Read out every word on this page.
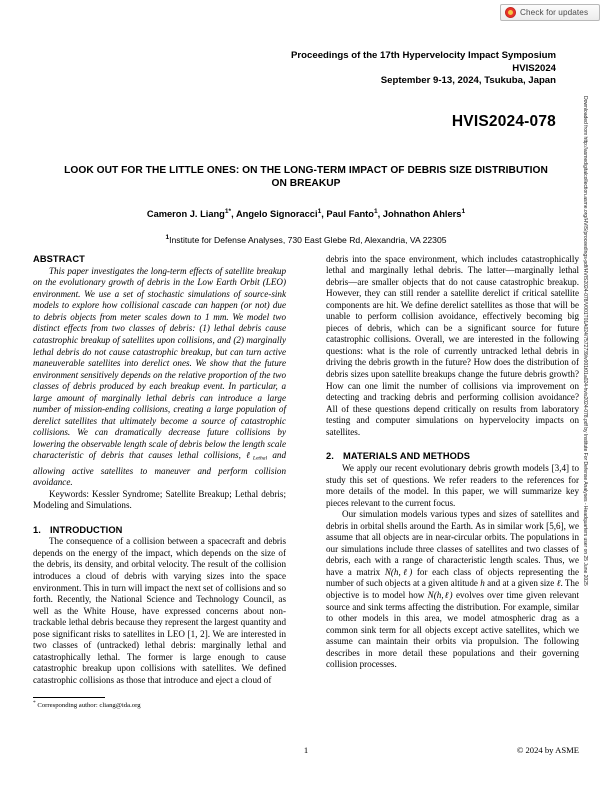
Check for updates
Proceedings of the 17th Hypervelocity Impact Symposium
HVIS2024
September 9-13, 2024, Tsukuba, Japan
HVIS2024-078
LOOK OUT FOR THE LITTLE ONES: ON THE LONG-TERM IMPACT OF DEBRIS SIZE DISTRIBUTION ON BREAKUP
Cameron J. Liang$^{1*}$, Angelo Signoracci$^1$, Paul Fanto$^1$, Johnathon Ahlers$^1$
$^1$Institute for Defense Analyses, 730 East Glebe Rd, Alexandria, VA 22305
ABSTRACT

This paper investigates the long-term effects of satellite breakup on the evolutionary growth of debris in the Low Earth Orbit (LEO) environment. We use a set of stochastic simulations of source-sink models to explore how collisional cascade can happen (or not) due to debris objects from meter scales down to 1 mm. We model two distinct effects from two classes of debris: (1) lethal debris cause catastrophic breakup of satellites upon collisions, and (2) marginally lethal debris do not cause catastrophic breakup, but can turn active maneuverable satellites into derelict ones. We show that the future environment sensitively depends on the relative proportion of the two classes of debris produced by each breakup event. In particular, a large amount of marginally lethal debris can introduce a large number of mission-ending collisions, creating a large population of derelict satellites that ultimately become a source of catastrophic collisions. We can dramatically decrease future collisions by lowering the observable length scale of debris below the length scale characteristic of debris that causes lethal collisions, ℓ$_{Lethal}$ and allowing active satellites to maneuver and perform collision avoidance.

Keywords: Kessler Syndrome; Satellite Breakup; Lethal debris; Modeling and Simulations.

1. INTRODUCTION

The consequence of a collision between a spacecraft and debris depends on the energy of the impact, which depends on the size of the debris, its density, and orbital velocity. The result of the collision introduces a cloud of debris with varying sizes into the space environment. This in turn will impact the next set of collisions and so forth. Recently, the National Science and Technology Council, as well as the White House, have expressed concerns about non-trackable lethal debris because they represent the largest quantity and pose significant risks to satellites in LEO [1, 2]. We are interested in two classes of (untracked) lethal debris: marginally lethal and catastrophically lethal. The former is large enough to cause catastrophic breakup upon collisions with satellites. We defined catastrophic collisions as those that introduce and eject a cloud of

debris into the space environment, which includes catastrophically lethal and marginally lethal debris. The latter—marginally lethal debris—are smaller objects that do not cause catastrophic breakup. However, they can still render a satellite derelict if critical satellite components are hit. We define derelict satellites as those that will be unable to perform collision avoidance, effectively becoming big pieces of debris, which can be a significant source for future catastrophic collisions. Overall, we are interested in the following questions: what is the role of currently untracked lethal debris in driving the debris growth in the future? How does the distribution of debris sizes upon satellite breakups change the future debris growth? How can one limit the number of collisions via improvement on detecting and tracking debris and performing collision avoidance? All of these questions depend critically on results from laboratory testing and computer simulations on hypervelocity impacts on satellites.

2. MATERIALS AND METHODS

We apply our recent evolutionary debris growth models [3,4] to study this set of questions. We refer readers to the references for more details of the model. In this paper, we will summarize key pieces relevant to the current focus.

Our simulation models various types and sizes of satellites and debris in orbital shells around the Earth. As in similar work [5,6], we assume that all objects are in near-circular orbits. The populations in our simulations include three classes of satellites and two classes of debris, each with a range of characteristic length scales. Thus, we have a matrix N(h,ℓ) for each class of objects representing the number of such objects at a given altitude h and at a given size ℓ. The objective is to model how N(h,ℓ) evolves over time given relevant source and sink terms affecting the distribution. For example, similar to other models in this area, we model atmospheric drag as a common sink term for all objects except active satellites, which we assume can maintain their orbits via propulsion. The following describes in more detail these populations and their governing collision processes.

* Corresponding author: cliang@ida.org
1	© 2024 by ASME
Downloaded from http://asmedigitalcollection.asme.org/HVIS/proceedings-pdf/HVIS2024-078/V001T01A024/7572739/v001t01a024-hvis2024-078.pdf by Institute For Defense Analyses - Headquarters user on 25 June 2025
